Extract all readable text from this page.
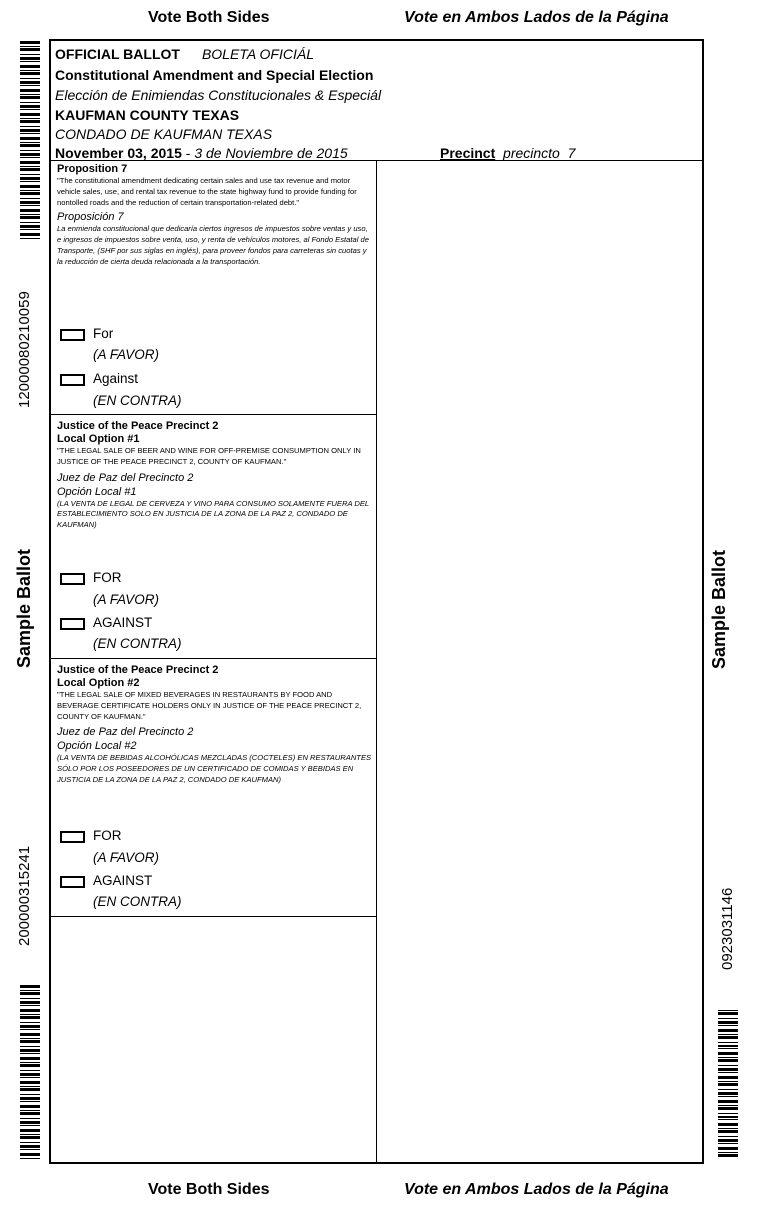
Vote Both Sides	Vote en Ambos Lados de la Página
OFFICIAL BALLOT BOLETA OFICIÁL
Constitutional Amendment and Special Election
Elección de Enimiendas Constitucionales & Especiál
KAUFMAN COUNTY TEXAS
CONDADO DE KAUFMAN TEXAS
November 03, 2015 - 3 de Noviembre de 2015	Precinct precincto 7
Proposition 7
"The constitutional amendment dedicating certain sales and use tax revenue and motor vehicle sales, use, and rental tax revenue to the state highway fund to provide funding for nontolled roads and the reduction of certain transportation-related debt."
Proposición 7
La enmienda constitucional que dedicaría ciertos ingresos de impuestos sobre ventas y uso, e ingresos de impuestos sobre venta, uso, y renta de vehículos motores, al Fondo Estatal de Transporte, (SHF por sus siglas en inglés), para proveer fondos para carreteras sin cuotas y la reducción de cierta deuda relacionada a la transportación.
For
(A FAVOR)
Against
(EN CONTRA)
Justice of the Peace Precinct 2
Local Option #1
"THE LEGAL SALE OF BEER AND WINE FOR OFF-PREMISE CONSUMPTION ONLY IN JUSTICE OF THE PEACE PRECINCT 2, COUNTY OF KAUFMAN."
Juez de Paz del Precincto 2
Opción Local #1
(LA VENTA DE LEGAL DE CERVEZA Y VINO PARA CONSUMO SOLAMENTE FUERA DEL ESTABLECIMIENTO SOLO EN JUSTICIA DE LA ZONA DE LA PAZ 2, CONDADO DE KAUFMAN)
FOR
(A FAVOR)
AGAINST
(EN CONTRA)
Justice of the Peace Precinct 2
Local Option #2
"THE LEGAL SALE OF MIXED BEVERAGES IN RESTAURANTS BY FOOD AND BEVERAGE CERTIFICATE HOLDERS ONLY IN JUSTICE OF THE PEACE PRECINCT 2, COUNTY OF KAUFMAN."
Juez de Paz del Precincto 2
Opción Local #2
(LA VENTA DE BEBIDAS ALCOHÓLICAS MEZCLADAS (COCTELES) EN RESTAURANTES SÓLO POR LOS POSEEDORES DE UN CERTIFICADO DE COMIDAS Y BEBIDAS EN JUSTICIA DE LA ZONA DE LA PAZ 2, CONDADO DE KAUFMAN)
FOR
(A FAVOR)
AGAINST
(EN CONTRA)
12000080210059
Sample Ballot
200000315241
Sample Ballot
0923031146
Vote Both Sides	Vote en Ambos Lados de la Página
